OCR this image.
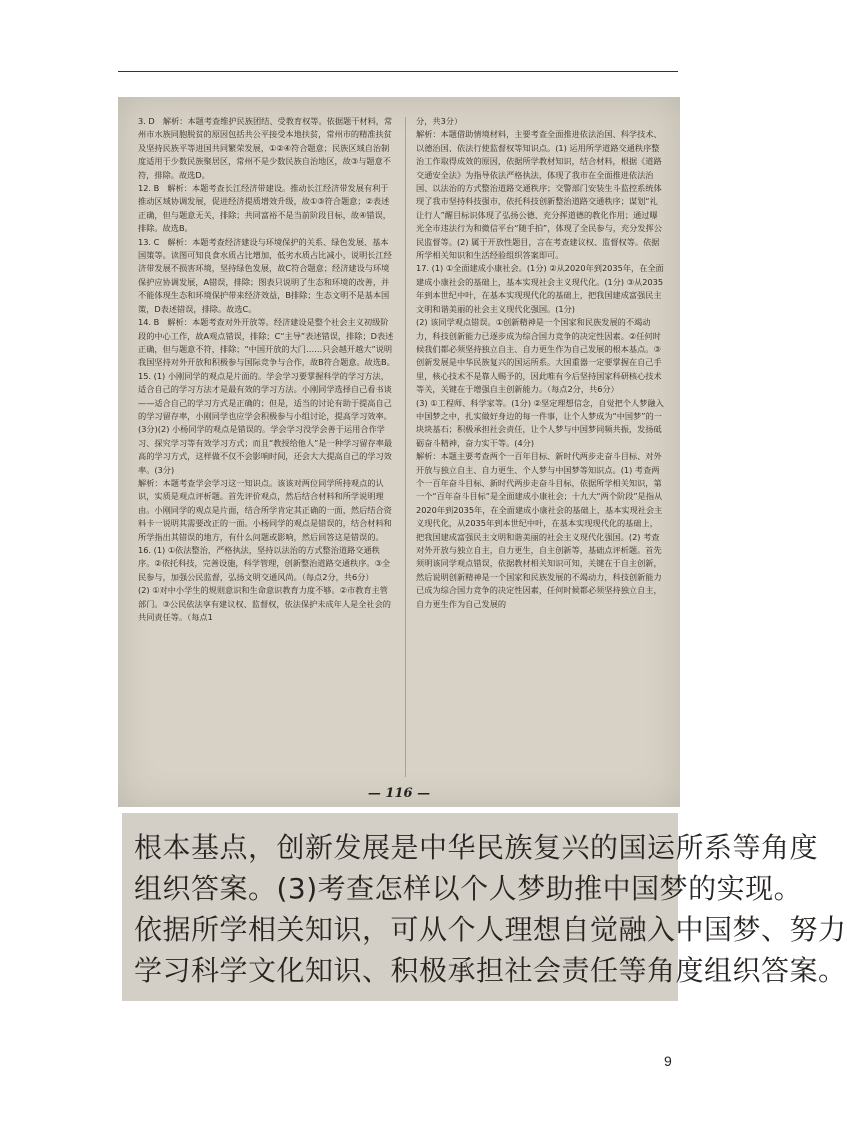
3. D　解析：本题考查维护民族团结、受教育权等。依据题干材料，常州市水族同胞脱贫的原因包括共公平接受本地扶贫，常州市的精准扶贫及坚持民族平等进国共同繁荣发展，①②④符合题意；民族区域自治制度适用于少数民族聚居区，常州不是少数民族自治地区，故③与题意不符，排除。故选D。

12. B　解析：本题考查长江经济带建设。推动长江经济带发展有利于推动区域协调发展，促进经济提质增效升级，故①③符合题意；②表述正确，但与题意无关，排除；共同富裕不是当前阶段目标，故④错误，排除。故选B。

13. C　解析：本题考查经济建设与环境保护的关系、绿色发展、基本国策等。读图可知良食水质占比增加，低劣水质占比减小，说明长江经济带发展不损害环境，坚持绿色发展，故C符合题意；经济建设与环境保护应协调发展，A错误，排除；图表只说明了生态和环境的改善，并不能体现生态和环境保护带来经济效益，B排除；生态文明不是基本国策，D表述错误，排除。故选C。

14. B　解析：本题考查对外开放等。经济建设是整个社会主义初级阶段的中心工作，故A观点错误，排除；C“主导”表述错误，排除；D表述正确，但与题意不符，排除；“中国开放的大门……只会越开越大”说明我国坚持对外开放和积极参与国际竞争与合作，故B符合题意。故选B。

15. (1) 小刚同学的观点是片面的。学会学习要掌握科学的学习方法，适合自己的学习方法才是最有效的学习方法。小刚同学选择自己看书谈——适合自己的学习方式是正确的；但是，适当的讨论有助于提高自己的学习留存率，小刚同学也应学会积极参与小组讨论，提高学习效率。(3分)(2) 小杨同学的观点是错误的。学会学习没学会善于运用合作学习、探究学习等有效学习方式；而且“教授给他人”是一种学习留存率最高的学习方式，这样做不仅不会影响时间，还会大大提高自己的学习效率。(3分)

解析：本题考查学会学习这一知识点。该该对两位同学所持观点的认识，实质是观点评析题。首先评价观点，然后结合材料和所学说明理由。小刚同学的观点是片面，结合所学肯定其正确的一面，然后结合资料卡一说明其需要改正的一面。小杨同学的观点是错误的，结合材料和所学指出其错误的地方，有什么问题或影响，然后回答这是错误的。

16. (1) ①依法整治，严格执法，坚持以法治的方式整治道路交通秩序。②依托科技，完善设施，科学管理，创新整治道路交通秩序。③全民参与，加强公民监督，弘扬文明交通风尚。（每点2分，共6分）

(2) ①对中小学生的规则意识和生命意识教育力度不够。②市教育主管部门。③公民依法享有建议权、监督权，依法保护未成年人是全社会的共同责任等。（每点1

分，共3分）

解析：本题借助情境材料，主要考查全面推进依法治国、科学技术、以德治国、依法行使监督权等知识点。(1) 运用所学道路交通秩序整治工作取得成效的原因，依据所学教材知识，结合材料，根据《道路交通安全法》为指导依法严格执法，体现了我市在全面推进依法治国、以法治的方式整治道路交通秩序；交警部门安装生斗监控系统体现了我市坚持科技强市，依托科技创新整治道路交通秩序；谋划“礼让行人”醒目标识体现了弘扬公德、充分挥道德的教化作用；通过曝光全市违法行为和微信平台“随手拍”，体现了全民参与，充分发挥公民监督等。(2) 属于开放性题目，言在考查建议权、监督权等。依据所学相关知识和生活经验组织答案即可。

17. (1) ①全面建成小康社会。(1分) ②从2020年到2035年，在全面建成小康社会的基础上，基本实现社会主义现代化。(1分) ③从2035年到本世纪中叶，在基本实现现代化的基础上，把我国建成富强民主文明和谐美丽的社会主义现代化强国。(1分)

(2) 该同学观点错误。①创新精神是一个国家和民族发展的不竭动力，科技创新能力已逐步成为综合国力竞争的决定性因素。②任何时候我们都必须坚持独立自主、自力更生作为自己发展的根本基点。③创新发展是中华民族复兴的国运所系。大国重器一定要掌握在自己手里，核心技术不是靠人赐予的，因此唯有今后坚持国家科研核心技术等关，关键在于增强自主创新能力。（每点2分，共6分）

(3) ①工程师、科学家等。(1分) ②坚定理想信念，自觉把个人梦融入中国梦之中，扎实做好身边的每一件事，让个人梦成为“中国梦”的一块块基石；积极承担社会责任，让个人梦与中国梦同频共振，发扬砥砺奋斗精神，奋力实干等。(4分)

解析：本题主要考查两个一百年目标、新时代两步走奋斗目标、对外开放与独立自主、自力更生、个人梦与中国梦等知识点。(1) 考查两个一百年奋斗目标、新时代两步走奋斗目标，依据所学相关知识，第一个“百年奋斗目标”是全面建成小康社会；十九大“两个阶段”是指从2020年到2035年，在全面建成小康社会的基础上，基本实现社会主义现代化，从2035年到本世纪中叶，在基本实现现代化的基础上，把我国建成富强民主文明和谐美丽的社会主义现代化强国。(2) 考查对外开放与独立自主，自力更生，自主创新等，基础点评析题。首先须明该同学观点错误，依据教材相关知识可知，关键在于自主创新，然后说明创新精神是一个国家和民族发展的不竭动力，科技创新能力已成为综合国力竞争的决定性因素，任何时候都必须坚持独立自主，自力更生作为自己发展的

— 116 —

根本基点，创新发展是中华民族复兴的国运所系等角度

组织答案。(3)考查怎样以个人梦助推中国梦的实现。

依据所学相关知识，可从个人理想自觉融入中国梦、努力

学习科学文化知识、积极承担社会责任等角度组织答案。

9
